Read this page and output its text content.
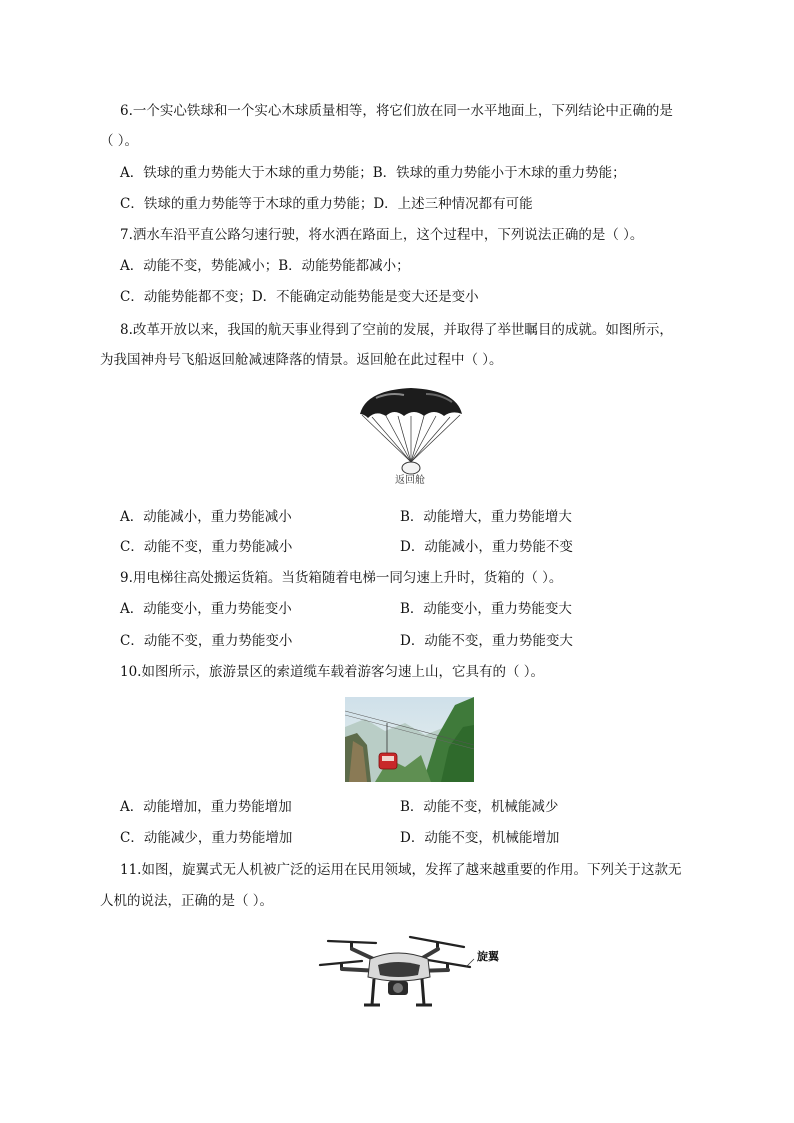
6.一个实心铁球和一个实心木球质量相等，将它们放在同一水平地面上，下列结论中正确的是
（ ）。
A．铁球的重力势能大于木球的重力势能；B．铁球的重力势能小于木球的重力势能；
C．铁球的重力势能等于木球的重力势能；D．上述三种情况都有可能
7.洒水车沿平直公路匀速行驶，将水洒在路面上，这个过程中，下列说法正确的是（ ）。
A．动能不变，势能减小；B．动能势能都减小；
C．动能势能都不变；D．不能确定动能势能是变大还是变小
8.改革开放以来，我国的航天事业得到了空前的发展，并取得了举世瞩目的成就。如图所示，
为我国神舟号飞船返回舱减速降落的情景。返回舱在此过程中（ ）。
返回舱
A．动能减小，重力势能减小	B．动能增大，重力势能增大
C．动能不变，重力势能减小	D．动能减小，重力势能不变
9.用电梯往高处搬运货箱。当货箱随着电梯一同匀速上升时，货箱的（ ）。
A．动能变小，重力势能变小	B．动能变小，重力势能变大
C．动能不变，重力势能变小	D．动能不变，重力势能变大
10.如图所示，旅游景区的索道缆车载着游客匀速上山，它具有的（ ）。
A．动能增加，重力势能增加	B．动能不变，机械能减少
C．动能减少，重力势能增加	D．动能不变，机械能增加
11.如图，旋翼式无人机被广泛的运用在民用领域，发挥了越来越重要的作用。下列关于这款无
人机的说法，正确的是（ ）。
旋翼
